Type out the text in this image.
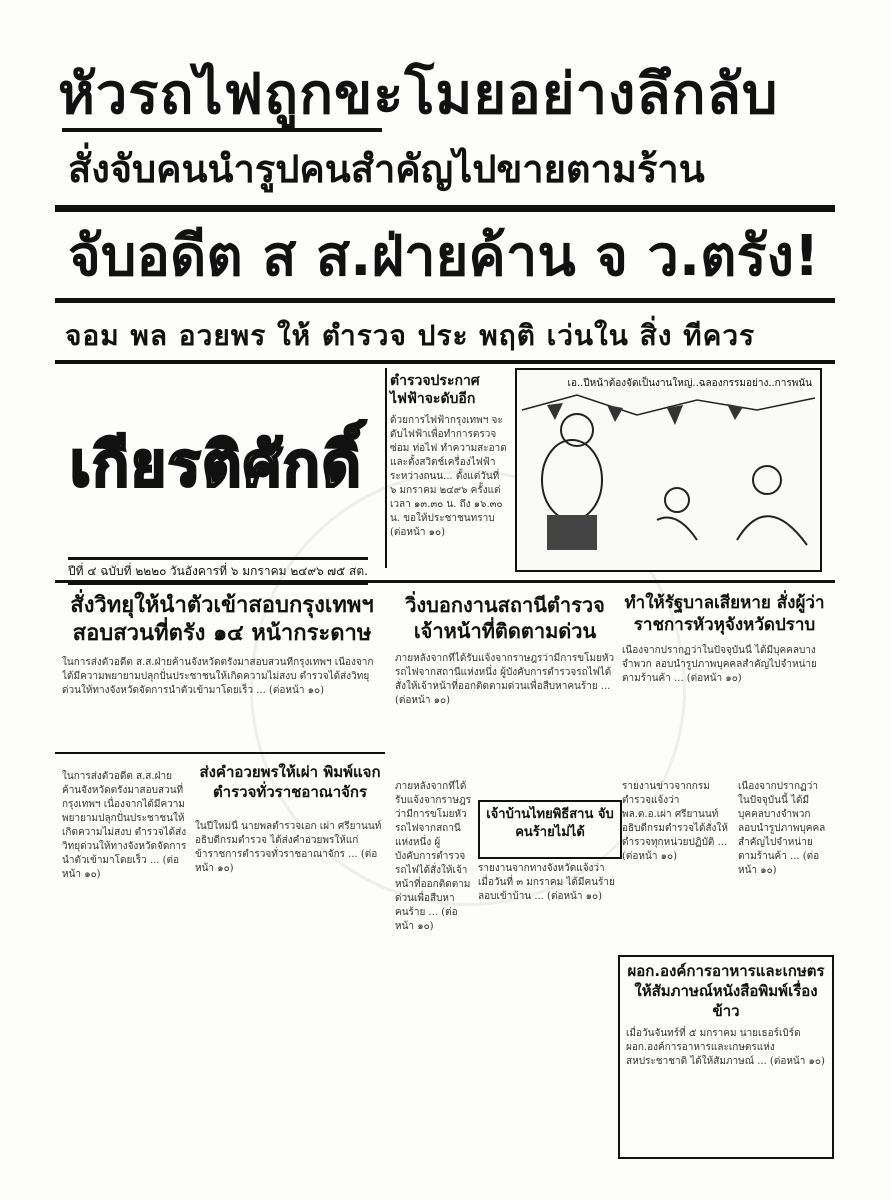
หัวรถไฟถูกขะโมยอย่างลึกลับ
สั่งจับคนนำรูปคนสำคัญไปขายตามร้าน
จับอดีต ส ส.ฝ่ายค้าน จ ว.ตรัง!
จอม พล อวยพร ให้ ตำรวจ ประ พฤติ เว่นใน สิ่ง ทีควร
เกียรติศักดิ์
ปีที่ ๔ ฉบับที่ ๒๒๒๐ วันอังคารที่ ๖ มกราคม ๒๔๙๖ ๗๕ สต.
ตำรวจประกาศ ไฟฟ้าจะดับอีก
ด้วยการไฟฟ้ากรุงเทพฯ จะดับไฟฟ้าเพื่อทำการตรวจซ่อม ท่อไฟ ทำความสะอาดและตั้งสวิตช์เครื่องไฟฟ้า ระหว่างถนน... ตั้งแต่วันที่ ๖ มกราคม ๒๔๙๖ ครั้งแต่เวลา ๑๓.๓๐ น. ถึง ๑๖.๓๐ น. ขอให้ประชาชนทราบ (ต่อหน้า ๑๐)
เอ..ปีหน้าต้องจัดเป็นงานใหญ่..ฉลองกรรมอย่าง..การพนัน
สั่งวิทยุให้นำตัวเข้าสอบกรุงเทพฯ สอบสวนที่ตรัง ๑๔ หน้ากระดาษ
ในการส่งตัวอดีต ส.ส.ฝ่ายค้านจังหวัดตรังมาสอบสวนที่กรุงเทพฯ เนื่องจากได้มีความพยายามปลุกปั่นประชาชนให้เกิดความไม่สงบ ตำรวจได้ส่งวิทยุด่วนให้ทางจังหวัดจัดการนำตัวเข้ามาโดยเร็ว ... (ต่อหน้า ๑๐)
วิ่งบอกงานสถานีตำรวจ เจ้าหน้าที่ติดตามด่วน
ภายหลังจากที่ได้รับแจ้งจากราษฎรว่ามีการขโมยหัวรถไฟจากสถานีแห่งหนึ่ง ผู้บังคับการตำรวจรถไฟได้สั่งให้เจ้าหน้าที่ออกติดตามด่วนเพื่อสืบหาคนร้าย ... (ต่อหน้า ๑๐)
ทำให้รัฐบาลเสียหาย สั่งผู้ว่าราชการหัวหุจังหวัดปราบ
เนื่องจากปรากฏว่าในปัจจุบันนี้ ได้มีบุคคลบางจำพวก ลอบนำรูปภาพบุคคลสำคัญไปจำหน่ายตามร้านค้า ... (ต่อหน้า ๑๐)
ส่งคำอวยพรให้เผ่า พิมพ์แจกตำรวจทั่วราชอาณาจักร
ในการส่งตัวอดีต ส.ส.ฝ่ายค้านจังหวัดตรังมาสอบสวนที่กรุงเทพฯ เนื่องจากได้มีความพยายามปลุกปั่นประชาชนให้เกิดความไม่สงบ ตำรวจได้ส่งวิทยุด่วนให้ทางจังหวัดจัดการนำตัวเข้ามาโดยเร็ว ... (ต่อหน้า ๑๐)
ในปีใหม่นี้ นายพลตำรวจเอก เผ่า ศรียานนท์ อธิบดีกรมตำรวจ ได้ส่งคำอวยพรให้แก่ข้าราชการตำรวจทั่วราชอาณาจักร ... (ต่อหน้า ๑๐)
เจ้าบ้านไทยพิธีสาน จับคนร้ายไม่ได้
ภายหลังจากที่ได้รับแจ้งจากราษฎรว่ามีการขโมยหัวรถไฟจากสถานีแห่งหนึ่ง ผู้บังคับการตำรวจรถไฟได้สั่งให้เจ้าหน้าที่ออกติดตามด่วนเพื่อสืบหาคนร้าย ... (ต่อหน้า ๑๐)
รายงานจากทางจังหวัดแจ้งว่า เมื่อวันที่ ๓ มกราคม ได้มีคนร้ายลอบเข้าบ้าน ... (ต่อหน้า ๑๐)
รายงานข่าวจากกรมตำรวจแจ้งว่า พล.ต.อ.เผ่า ศรียานนท์ อธิบดีกรมตำรวจได้สั่งให้ตำรวจทุกหน่วยปฏิบัติ ... (ต่อหน้า ๑๐)
เนื่องจากปรากฏว่าในปัจจุบันนี้ ได้มีบุคคลบางจำพวก ลอบนำรูปภาพบุคคลสำคัญไปจำหน่ายตามร้านค้า ... (ต่อหน้า ๑๐)
ผอก.องค์การอาหารและเกษตร ให้สัมภาษณ์หนังสือพิมพ์เรื่องข้าว
เมื่อวันจันทร์ที่ ๕ มกราคม นายเธอร์เบิร์ด ผอก.องค์การอาหารและเกษตรแห่งสหประชาชาติ ได้ให้สัมภาษณ์ ... (ต่อหน้า ๑๐)
